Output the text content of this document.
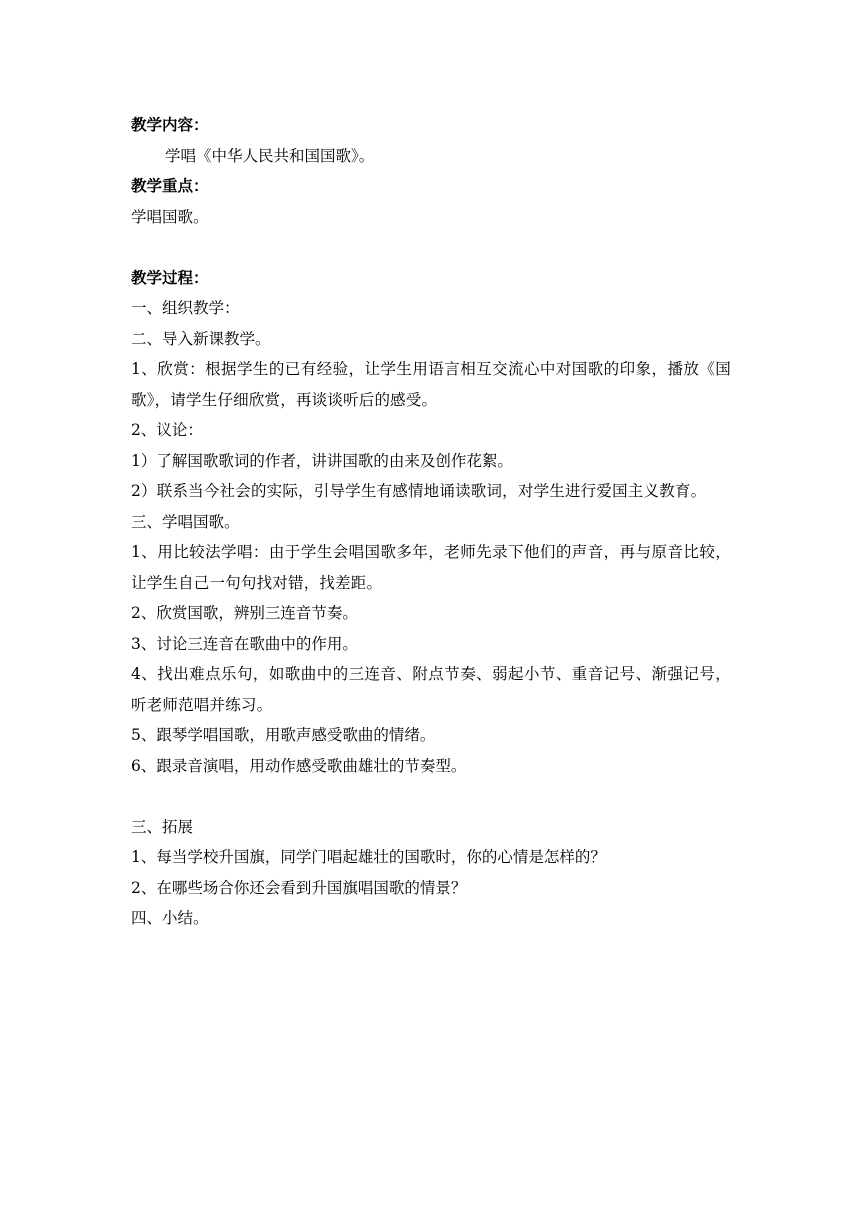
教学内容：
学唱《中华人民共和国国歌》。
教学重点：
学唱国歌。
教学过程：
一、组织教学：
二、导入新课教学。
1、欣赏：根据学生的已有经验，让学生用语言相互交流心中对国歌的印象，播放《国歌》，请学生仔细欣赏，再谈谈听后的感受。
2、议论：
1）了解国歌歌词的作者，讲讲国歌的由来及创作花絮。
2）联系当今社会的实际，引导学生有感情地诵读歌词，对学生进行爱国主义教育。
三、学唱国歌。
1、用比较法学唱：由于学生会唱国歌多年，老师先录下他们的声音，再与原音比较，让学生自己一句句找对错，找差距。
2、欣赏国歌，辨别三连音节奏。
3、讨论三连音在歌曲中的作用。
4、找出难点乐句，如歌曲中的三连音、附点节奏、弱起小节、重音记号、渐强记号，听老师范唱并练习。
5、跟琴学唱国歌，用歌声感受歌曲的情绪。
6、跟录音演唱，用动作感受歌曲雄壮的节奏型。
三、拓展
1、每当学校升国旗，同学门唱起雄壮的国歌时，你的心情是怎样的？
2、在哪些场合你还会看到升国旗唱国歌的情景？
四、小结。
